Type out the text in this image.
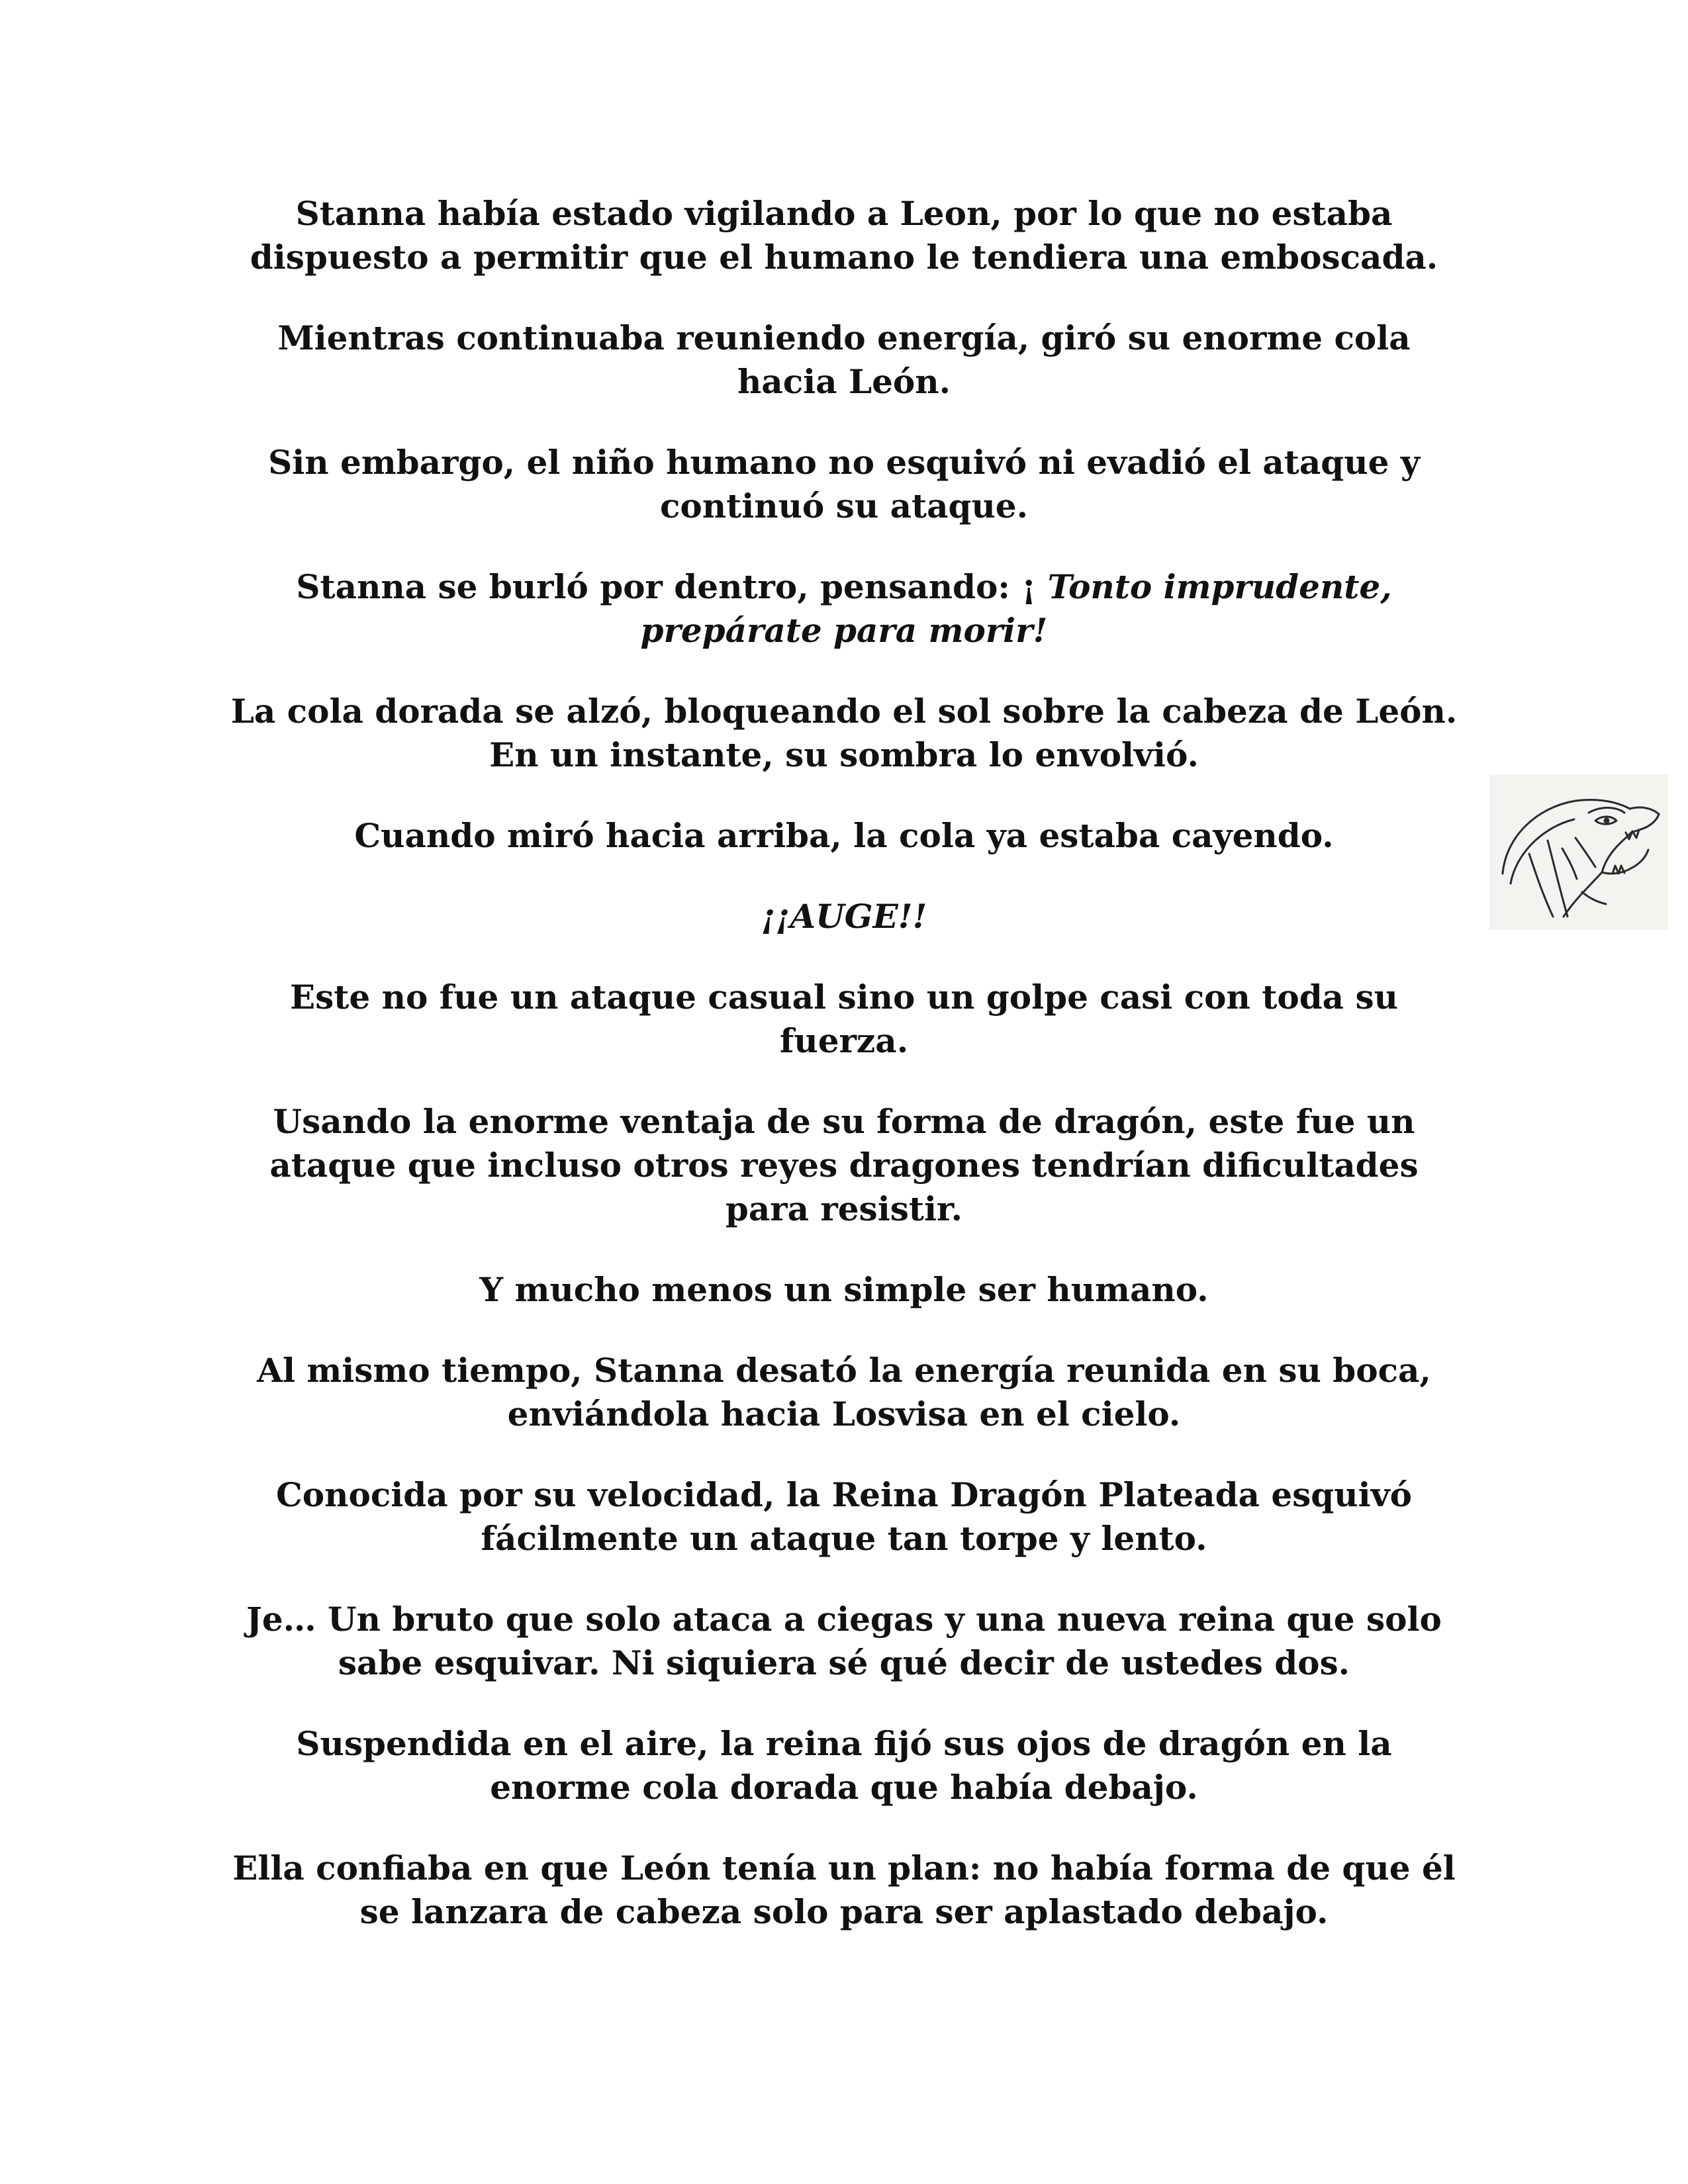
Stanna había estado vigilando a Leon, por lo que no estaba dispuesto a permitir que el humano le tendiera una emboscada.

Mientras continuaba reuniendo energía, giró su enorme cola hacia León.

Sin embargo, el niño humano no esquivó ni evadió el ataque y continuó su ataque.

Stanna se burló por dentro, pensando: ¡ Tonto imprudente, prepárate para morir!

La cola dorada se alzó, bloqueando el sol sobre la cabeza de León. En un instante, su sombra lo envolvió.

Cuando miró hacia arriba, la cola ya estaba cayendo.

¡¡AUGE!!

Este no fue un ataque casual sino un golpe casi con toda su fuerza.

Usando la enorme ventaja de su forma de dragón, este fue un ataque que incluso otros reyes dragones tendrían dificultades para resistir.

Y mucho menos un simple ser humano.

Al mismo tiempo, Stanna desató la energía reunida en su boca, enviándola hacia Losvisa en el cielo.

Conocida por su velocidad, la Reina Dragón Plateada esquivó fácilmente un ataque tan torpe y lento.

Je… Un bruto que solo ataca a ciegas y una nueva reina que solo sabe esquivar. Ni siquiera sé qué decir de ustedes dos.

Suspendida en el aire, la reina fijó sus ojos de dragón en la enorme cola dorada que había debajo.

Ella confiaba en que León tenía un plan: no había forma de que él se lanzara de cabeza solo para ser aplastado debajo.
